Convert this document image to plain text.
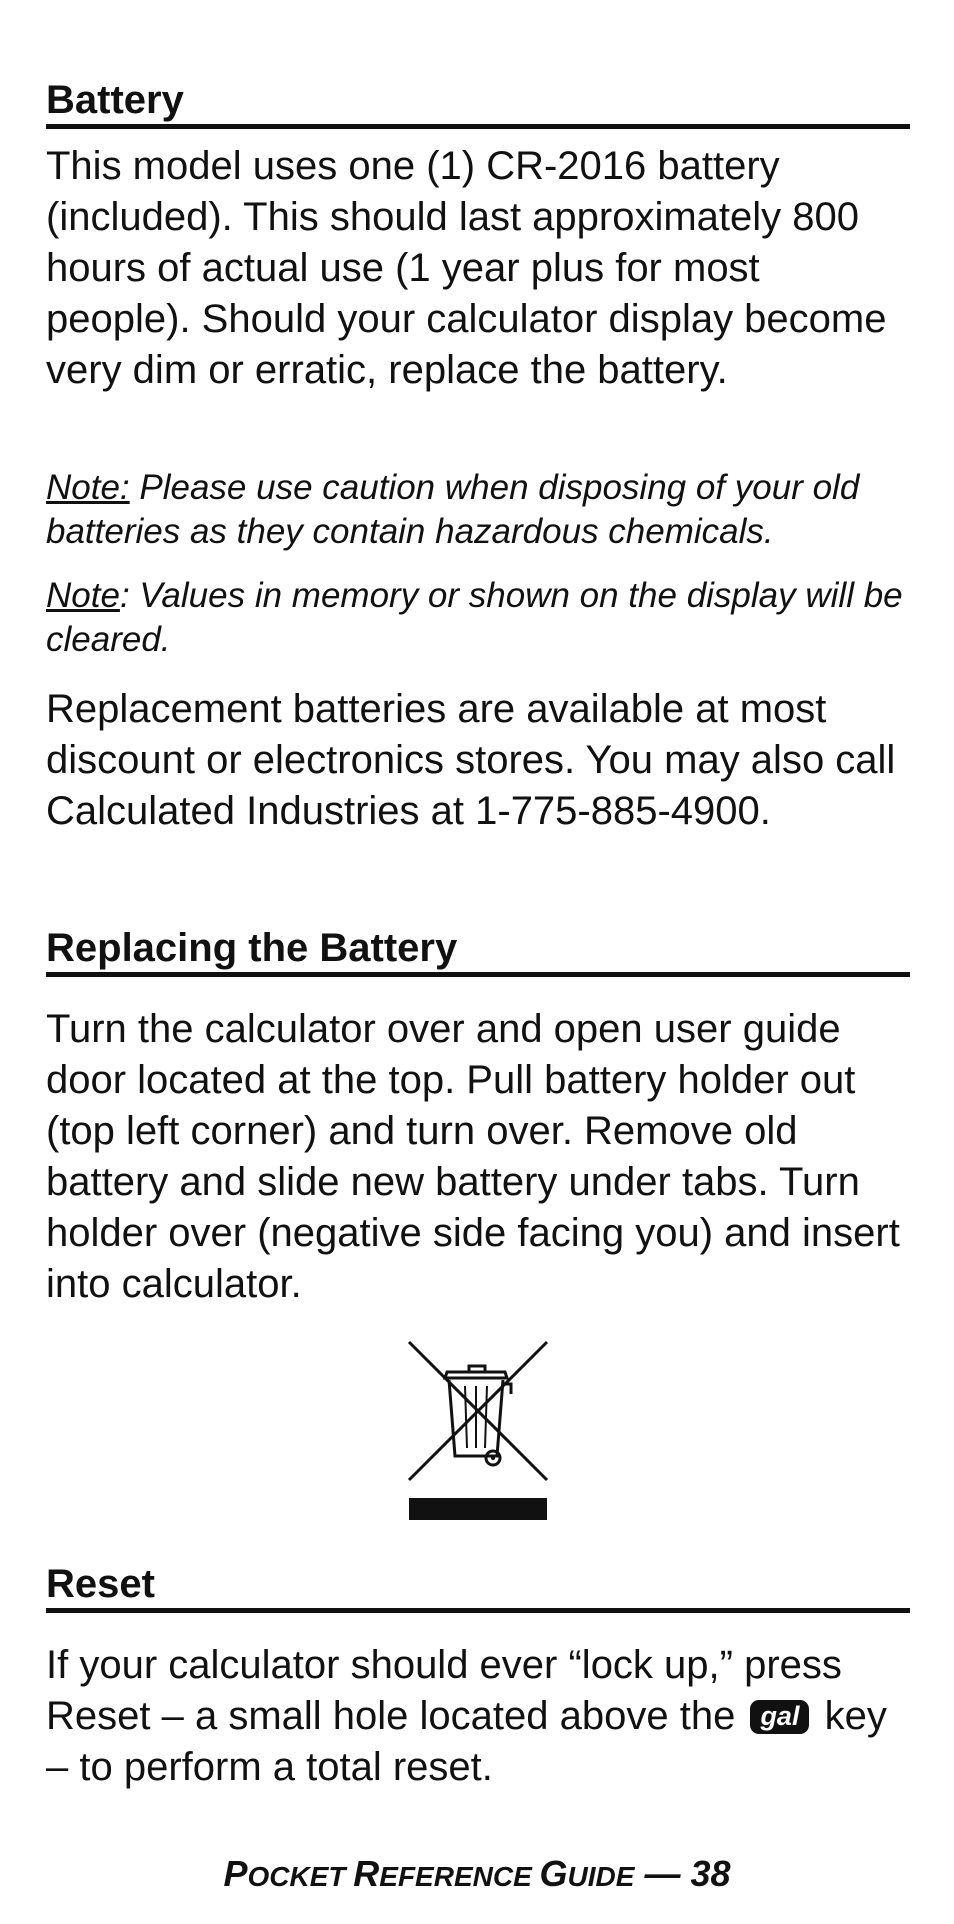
Battery

This model uses one (1) CR-2016 battery (included). This should last approximately 800 hours of actual use (1 year plus for most people). Should your calculator display become very dim or erratic, replace the battery.

Note: Please use caution when disposing of your old batteries as they contain hazardous chemicals.

Note: Values in memory or shown on the display will be cleared.

Replacement batteries are available at most discount or electronics stores. You may also call Calculated Industries at 1-775-885-4900.

Replacing the Battery

Turn the calculator over and open user guide door located at the top. Pull battery holder out (top left corner) and turn over. Remove old battery and slide new battery under tabs. Turn holder over (negative side facing you) and insert into calculator.

Reset

If your calculator should ever “lock up,” press Reset – a small hole located above the gal key – to perform a total reset.

POCKET REFERENCE GUIDE — 38
